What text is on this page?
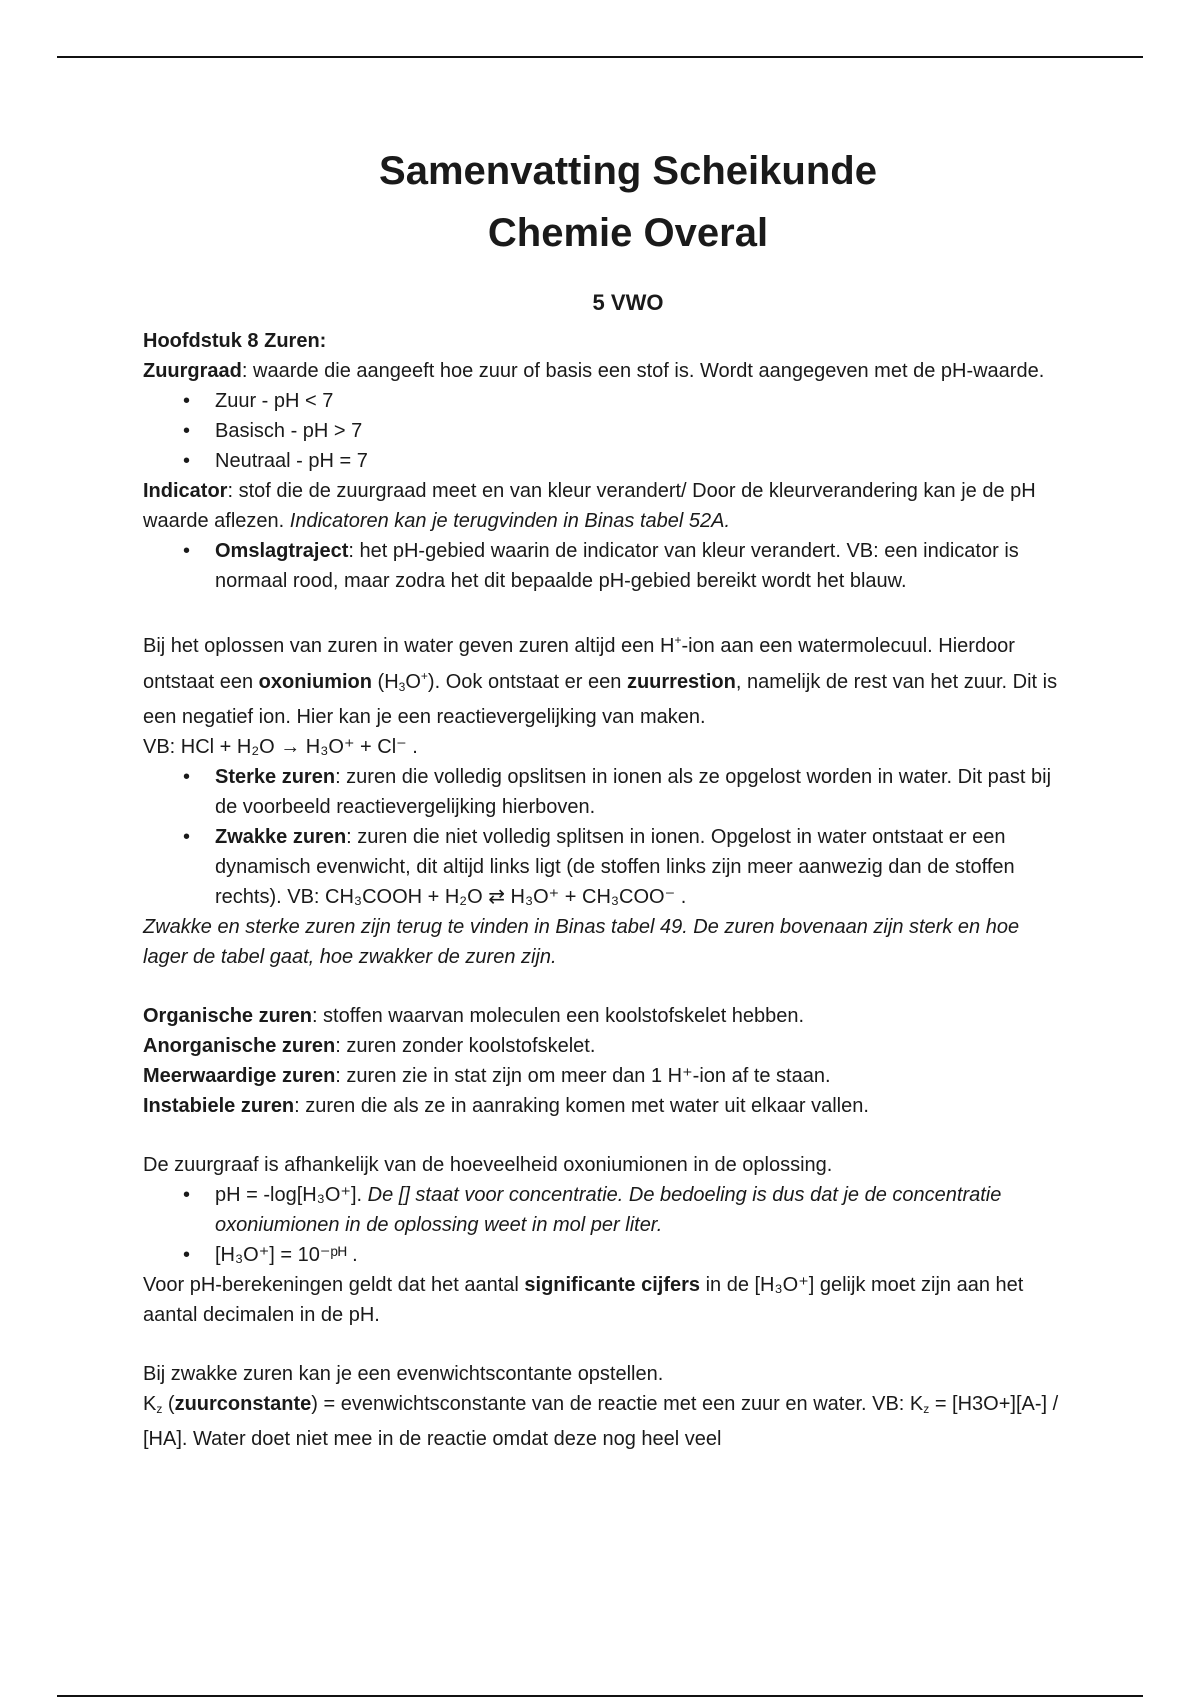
Samenvatting Scheikunde
Chemie Overal
5 VWO

Hoofdstuk 8 Zuren:

Zuurgraad: waarde die aangeeft hoe zuur of basis een stof is. Wordt aangegeven met de pH-waarde.

• Zuur - pH < 7
• Basisch - pH > 7
• Neutraal - pH = 7

Indicator: stof die de zuurgraad meet en van kleur verandert/ Door de kleurverandering kan je de pH waarde aflezen. Indicatoren kan je terugvinden in Binas tabel 52A.

• Omslagtraject: het pH-gebied waarin de indicator van kleur verandert. VB: een indicator is normaal rood, maar zodra het dit bepaalde pH-gebied bereikt wordt het blauw.

Bij het oplossen van zuren in water geven zuren altijd een H+-ion aan een watermolecuul. Hierdoor ontstaat een oxoniumion $(H_3O^+)$. Ook ontstaat er een zuurrestion, namelijk de rest van het zuur. Dit is een negatief ion. Hier kan je een reactievergelijking van maken.

VB: HCl + H₂O → H₃O⁺ + Cl⁻ .

• Sterke zuren: zuren die volledig opslitsen in ionen als ze opgelost worden in water. Dit past bij de voorbeeld reactievergelijking hierboven.
• Zwakke zuren: zuren die niet volledig splitsen in ionen. Opgelost in water ontstaat er een dynamisch evenwicht, dit altijd links ligt (de stoffen links zijn meer aanwezig dan de stoffen rechts). VB: CH₃COOH + H₂O ⇄ H₃O⁺ + CH₃COO⁻ .

Zwakke en sterke zuren zijn terug te vinden in Binas tabel 49. De zuren bovenaan zijn sterk en hoe lager de tabel gaat, hoe zwakker de zuren zijn.

Organische zuren: stoffen waarvan moleculen een koolstofskelet hebben.

Anorganische zuren: zuren zonder koolstofskelet.

Meerwaardige zuren: zuren zie in stat zijn om meer dan 1 H⁺-ion af te staan.

Instabiele zuren: zuren die als ze in aanraking komen met water uit elkaar vallen.

De zuurgraaf is afhankelijk van de hoeveelheid oxoniumionen in de oplossing.

• pH = -log[H₃O⁺]. De [] staat voor concentratie. De bedoeling is dus dat je de concentratie oxoniumionen in de oplossing weet in mol per liter.
• [H₃O⁺] = 10⁻ᵖᴴ .

Voor pH-berekeningen geldt dat het aantal significante cijfers in de [H₃O⁺] gelijk moet zijn aan het aantal decimalen in de pH.

Bij zwakke zuren kan je een evenwichtscontante opstellen.

$K_z$ (zuurconstante) = evenwichtsconstante van de reactie met een zuur en water. VB: $K_z = [H3O+][A-] / [HA]$. Water doet niet mee in de reactie omdat deze nog heel veel
